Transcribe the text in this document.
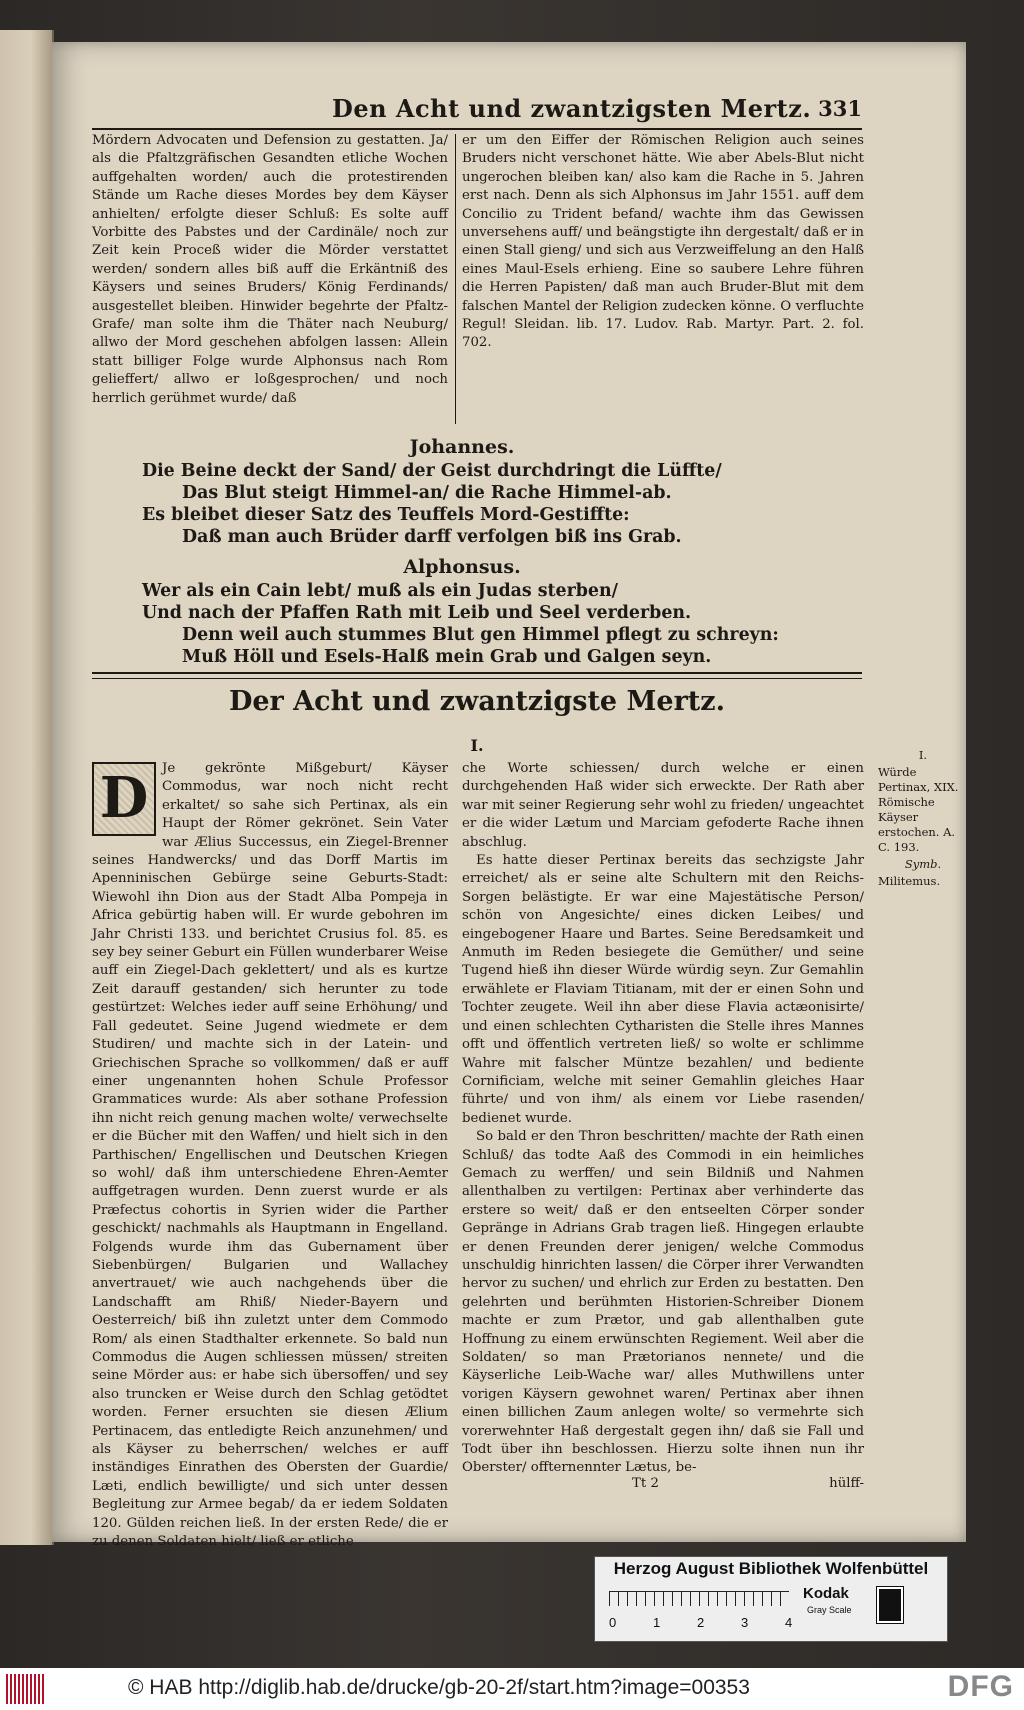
Den Acht und zwantzigsten Mertz. 331

Mördern Advocaten und Defension zu gestatten. Ja/ als die Pfaltzgräfischen Gesandten etliche Wochen auffgehalten worden/ auch die protestirenden Stände um Rache dieses Mordes bey dem Käyser anhielten/ erfolgte dieser Schluß: Es solte auff Vorbitte des Pabstes und der Cardinäle/ noch zur Zeit kein Proceß wider die Mörder verstattet werden/ sondern alles biß auff die Erkäntniß des Käysers und seines Bruders/ König Ferdinands/ ausgestellet bleiben. Hinwider begehrte der Pfaltz-Grafe/ man solte ihm die Thäter nach Neuburg/ allwo der Mord geschehen abfolgen lassen: Allein statt billiger Folge wurde Alphonsus nach Rom gelieffert/ allwo er loßgesprochen/ und noch herrlich gerühmet wurde/ daß

er um den Eiffer der Römischen Religion auch seines Bruders nicht verschonet hätte. Wie aber Abels-Blut nicht ungerochen bleiben kan/ also kam die Rache in 5. Jahren erst nach. Denn als sich Alphonsus im Jahr 1551. auff dem Concilio zu Trident befand/ wachte ihm das Gewissen unversehens auff/ und beängstigte ihn dergestalt/ daß er in einen Stall gieng/ und sich aus Verzweiffelung an den Halß eines Maul-Esels erhieng. Eine so saubere Lehre führen die Herren Papisten/ daß man auch Bruder-Blut mit dem falschen Mantel der Religion zudecken könne. O verfluchte Regul! Sleidan. lib. 17. Ludov. Rab. Martyr. Part. 2. fol. 702.

Johannes.
Die Beine deckt der Sand/ der Geist durchdringt die Lüffte/
Das Blut steigt Himmel-an/ die Rache Himmel-ab.
Es bleibet dieser Satz des Teuffels Mord-Gestiffte:
Daß man auch Brüder darff verfolgen biß ins Grab.
Alphonsus.
Wer als ein Cain lebt/ muß als ein Judas sterben/
Und nach der Pfaffen Rath mit Leib und Seel verderben.
Denn weil auch stummes Blut gen Himmel pflegt zu schreyn:
Muß Höll und Esels-Halß mein Grab und Galgen seyn.
Der Acht und zwantzigste Mertz.
I.
D	Je gekrönte Mißgeburt/ Käyser Commodus, war noch nicht recht erkaltet/ so sahe sich Pertinax, als ein Haupt der Römer gekrönet. Sein Vater war Ælius Successus, ein Ziegel-Brenner seines Handwercks/ und das Dorff Martis im Apenninischen Gebürge seine Geburts-Stadt: Wiewohl ihn Dion aus der Stadt Alba Pompeja in Africa gebürtig haben will. Er wurde gebohren im Jahr Christi 133. und berichtet Crusius fol. 85. es sey bey seiner Geburt ein Füllen wunderbarer Weise auff ein Ziegel-Dach geklettert/ und als es kurtze Zeit darauff gestanden/ sich herunter zu tode gestürtzet: Welches ieder auff seine Erhöhung/ und Fall gedeutet. Seine Jugend wiedmete er dem Studiren/ und machte sich in der Latein- und Griechischen Sprache so vollkommen/ daß er auff einer ungenannten hohen Schule Professor Grammatices wurde: Als aber sothane Profession ihn nicht reich genung machen wolte/ verwechselte er die Bücher mit den Waffen/ und hielt sich in den Parthischen/ Engellischen und Deutschen Kriegen so wohl/ daß ihm unterschiedene Ehren-Aemter auffgetragen wurden. Denn zuerst wurde er als Præfectus cohortis in Syrien wider die Parther geschickt/ nachmahls als Hauptmann in Engelland. Folgends wurde ihm das Gubernament über Siebenbürgen/ Bulgarien und Wallachey anvertrauet/ wie auch nachgehends über die Landschafft am Rhiß/ Nieder-Bayern und Oesterreich/ biß ihn zuletzt unter dem Commodo Rom/ als einen Stadthalter erkennete. So bald nun Commodus die Augen schliessen müssen/ streiten seine Mörder aus: er habe sich übersoffen/ und sey also truncken er Weise durch den Schlag getödtet worden. Ferner ersuchten sie diesen Ælium Pertinacem, das entledigte Reich anzunehmen/ und als Käyser zu beherrschen/ welches er auff inständiges Einrathen des Obersten der Guardie/ Læti, endlich bewilligte/ und sich unter dessen Begleitung zur Armee begab/ da er iedem Soldaten 120. Gülden reichen ließ. In der ersten Rede/ die er zu denen Soldaten hielt/ ließ er etliche

che Worte schiessen/ durch welche er einen durchgehenden Haß wider sich erweckte. Der Rath aber war mit seiner Regierung sehr wohl zu frieden/ ungeachtet er die wider Lætum und Marciam gefoderte Rache ihnen abschlug.

Es hatte dieser Pertinax bereits das sechzigste Jahr erreichet/ als er seine alte Schultern mit den Reichs-Sorgen belästigte. Er war eine Majestätische Person/ schön von Angesichte/ eines dicken Leibes/ und eingebogener Haare und Bartes. Seine Beredsamkeit und Anmuth im Reden besiegete die Gemüther/ und seine Tugend hieß ihn dieser Würde würdig seyn. Zur Gemahlin erwählete er Flaviam Titianam, mit der er einen Sohn und Tochter zeugete. Weil ihn aber diese Flavia actæonisirte/ und einen schlechten Cytharisten die Stelle ihres Mannes offt und öffentlich vertreten ließ/ so wolte er schlimme Wahre mit falscher Müntze bezahlen/ und bediente Cornificiam, welche mit seiner Gemahlin gleiches Haar führte/ und von ihm/ als einem vor Liebe rasenden/ bedienet wurde.

So bald er den Thron beschritten/ machte der Rath einen Schluß/ das todte Aaß des Commodi in ein heimliches Gemach zu werffen/ und sein Bildniß und Nahmen allenthalben zu vertilgen: Pertinax aber verhinderte das erstere so weit/ daß er den entseelten Cörper sonder Gepränge in Adrians Grab tragen ließ. Hingegen erlaubte er denen Freunden derer jenigen/ welche Commodus unschuldig hinrichten lassen/ die Cörper ihrer Verwandten hervor zu suchen/ und ehrlich zur Erden zu bestatten. Den gelehrten und berühmten Historien-Schreiber Dionem machte er zum Prætor, und gab allenthalben gute Hoffnung zu einem erwünschten Regiement. Weil aber die Soldaten/ so man Prætorianos nennete/ und die Käyserliche Leib-Wache war/ alles Muthwillens unter vorigen Käysern gewohnet waren/ Pertinax aber ihnen einen billichen Zaum anlegen wolte/ so vermehrte sich vorerwehnter Haß dergestalt gegen ihn/ daß sie Fall und Todt über ihn beschlossen. Hierzu solte ihnen nun ihr Oberster/ offternennter Lætus, be-

I.
Würde Pertinax, XIX. Römische Käyser erstochen. A. C. 193.
Symb.
Militemus.
Tt 2	hülff-
Herzog August Bibliothek Wolfenbüttel
0	1	2	3	4
Kodak
Gray Scale
© HAB http://diglib.hab.de/drucke/gb-20-2f/start.htm?image=00353	DFG
